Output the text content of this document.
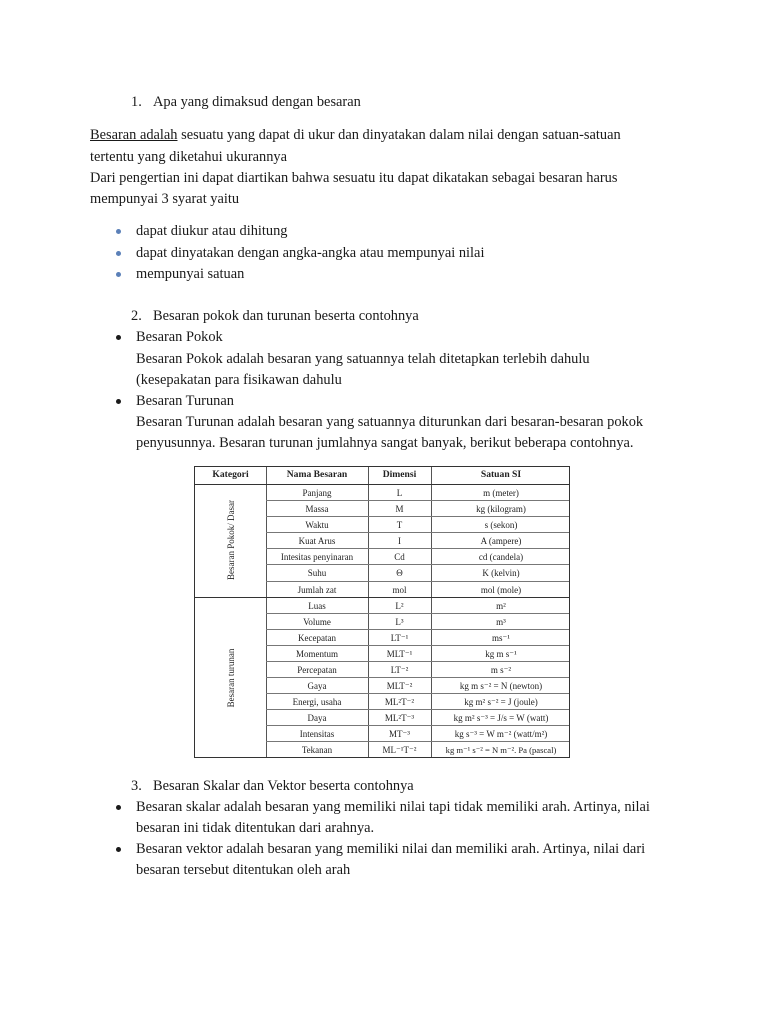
1. Apa yang dimaksud dengan besaran
Besaran adalah sesuatu yang dapat di ukur dan dinyatakan dalam nilai dengan satuan-satuan
tertentu yang diketahui ukurannya
Dari pengertian ini dapat diartikan bahwa sesuatu itu dapat dikatakan sebagai besaran harus
mempunyai 3 syarat yaitu
dapat diukur atau dihitung
dapat dinyatakan dengan angka-angka atau mempunyai nilai
mempunyai satuan
2. Besaran pokok dan turunan beserta contohnya
Besaran Pokok
Besaran Pokok adalah besaran yang satuannya telah ditetapkan terlebih dahulu
(kesepakatan para fisikawan dahulu
Besaran Turunan
Besaran Turunan adalah besaran yang satuannya diturunkan dari besaran-besaran pokok
penyusunnya. Besaran turunan jumlahnya sangat banyak, berikut beberapa contohnya.
Kategori	Nama Besaran	Dimensi	Satuan SI
Besaran Pokok/ Dasar
Besaran turunan
Panjang	L	m (meter)
Massa	M	kg (kilogram)
Waktu	T	s (sekon)
Kuat Arus	I	A (ampere)
Intesitas penyinaran	Cd	cd (candela)
Suhu	Θ	K (kelvin)
Jumlah zat	mol	mol (mole)
Luas	L²	m²
Volume	L³	m³
Kecepatan	LT⁻¹	ms⁻¹
Momentum	MLT⁻¹	kg m s⁻¹
Percepatan	LT⁻²	m s⁻²
Gaya	MLT⁻²	kg m s⁻² = N (newton)
Energi, usaha	ML²T⁻²	kg m² s⁻² = J (joule)
Daya	ML²T⁻³	kg m² s⁻³ = J/s = W (watt)
Intensitas	MT⁻³	kg s⁻³ = W m⁻² (watt/m²)
Tekanan	ML⁻¹T⁻²	kg m⁻¹ s⁻² = N m⁻². Pa (pascal)
3. Besaran Skalar dan Vektor beserta contohnya
Besaran skalar adalah besaran yang memiliki nilai tapi tidak memiliki arah. Artinya, nilai
besaran ini tidak ditentukan dari arahnya.
Besaran vektor adalah besaran yang memiliki nilai dan memiliki arah. Artinya, nilai dari
besaran tersebut ditentukan oleh arah
